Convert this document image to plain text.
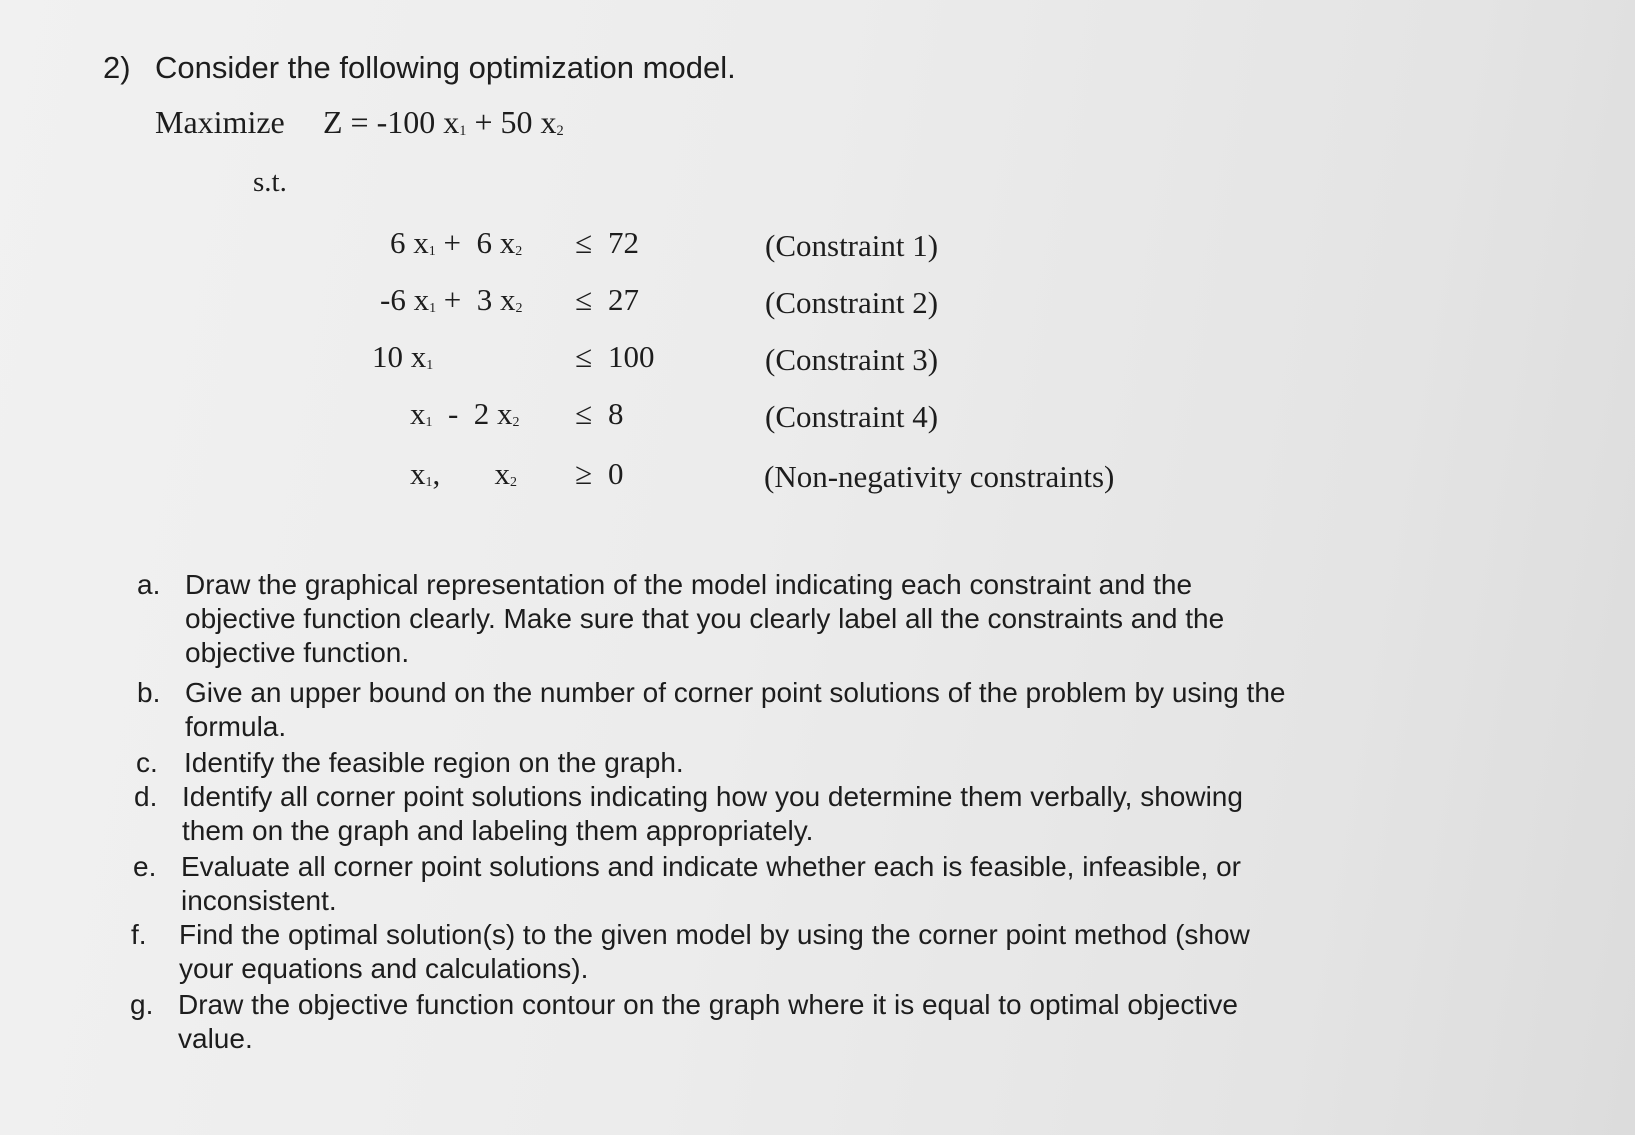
2) Consider the following optimization model.
Maximize Z = -100 $x_1 + 50$ $x_2$
s.t.
6 $x_1 + 6$ $x_2 \le 72$	(Constraint 1)
-6 $x_1 + 3$ $x_2 \le 27$	(Constraint 2)
10 $x_1$	≤ 100	(Constraint 3)
$x_1 - 2$ $x_2 \le 8$	(Constraint 4)
$x_1$,       $x_2 \ge 0$	(Non-negativity constraints)
a. Draw the graphical representation of the model indicating each constraint and the
objective function clearly. Make sure that you clearly label all the constraints and the
objective function.
b. Give an upper bound on the number of corner point solutions of the problem by using the
formula.
c. Identify the feasible region on the graph.
d. Identify all corner point solutions indicating how you determine them verbally, showing
them on the graph and labeling them appropriately.
e. Evaluate all corner point solutions and indicate whether each is feasible, infeasible, or
inconsistent.
f.	Find the optimal solution(s) to the given model by using the corner point method (show
your equations and calculations).
g. Draw the objective function contour on the graph where it is equal to optimal objective
value.
